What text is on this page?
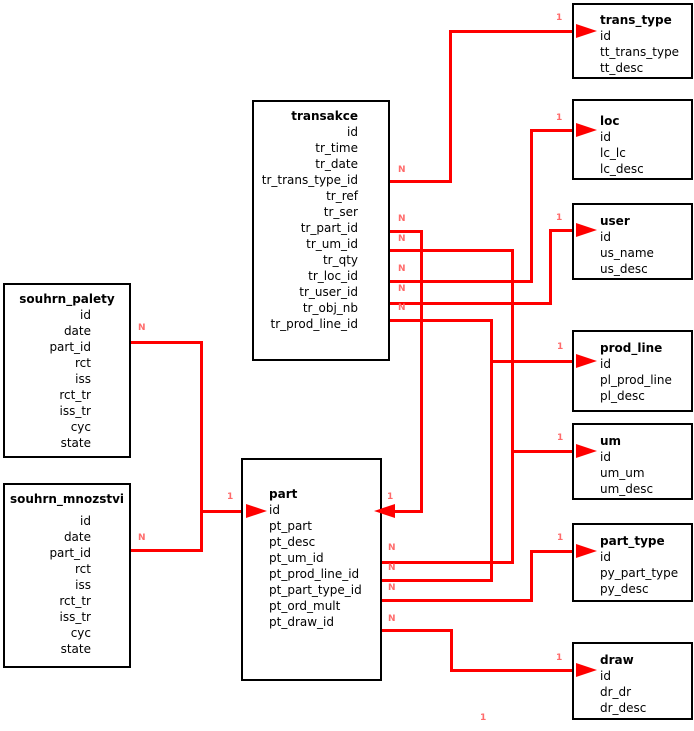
transakce
id
tr_time
tr_date
tr_trans_type_id
tr_ref
tr_ser
tr_part_id
tr_um_id
tr_qty
tr_loc_id
tr_user_id
tr_obj_nb
tr_prod_line_id
souhrn_palety
id
date
part_id
rct
iss
rct_tr
iss_tr
cyc
state
souhrn_mnozstvi
id
date
part_id
rct
iss
rct_tr
iss_tr
cyc
state
part
id
pt_part
pt_desc
pt_um_id
pt_prod_line_id
pt_part_type_id
pt_ord_mult
pt_draw_id
trans_type
id
tt_trans_type
tt_desc
loc
id
lc_lc
lc_desc
user
id
us_name
us_desc
prod_line
id
pl_prod_line
pl_desc
um
id
um_um
um_desc
part_type
id
py_part_type
py_desc
draw
id
dr_dr
dr_desc
N
N
N
N
N
N
N
N
N
N
N
N
1
1
1
1
1
1
1
1	1
1
